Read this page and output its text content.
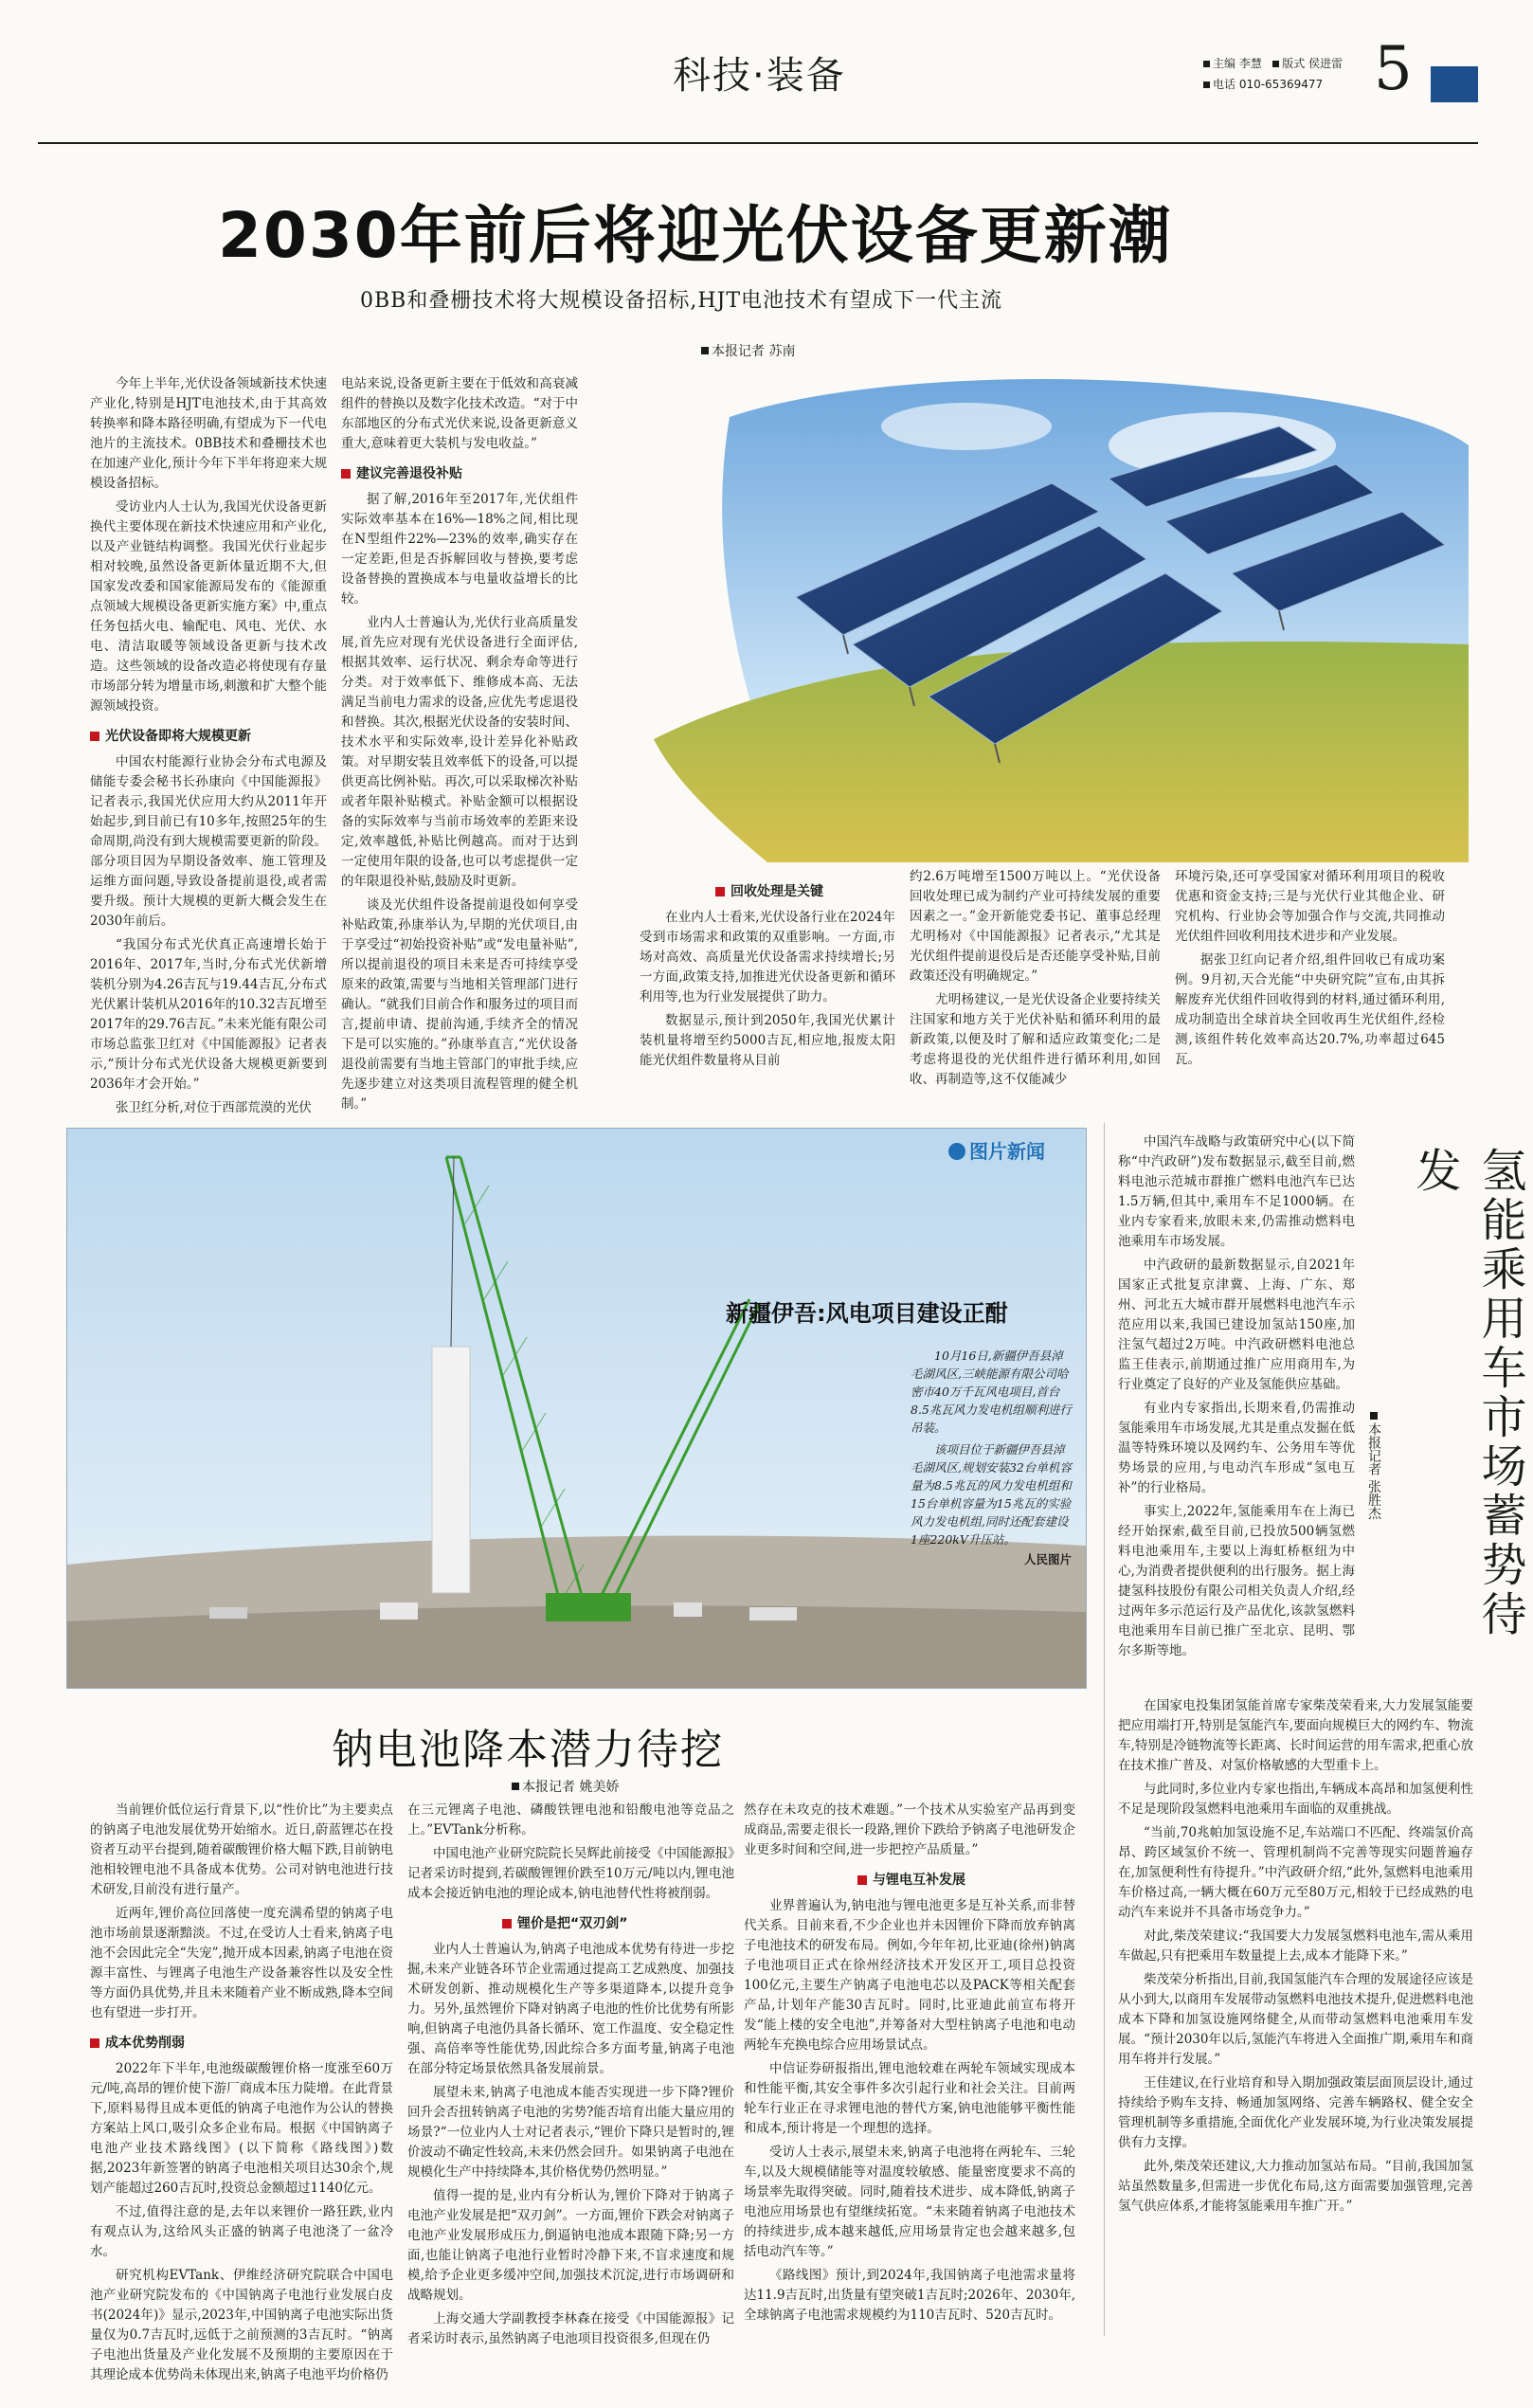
科技·装备	主编 李慧 版式 侯进雷
电话 010-65369477 5
2030年前后将迎光伏设备更新潮
0BB和叠栅技术将大规模设备招标,HJT电池技术有望成下一代主流
本报记者 苏南

今年上半年,光伏设备领域新技术快速产业化,特别是HJT电池技术,由于其高效转换率和降本路径明确,有望成为下一代电池片的主流技术。0BB技术和叠栅技术也在加速产业化,预计今年下半年将迎来大规模设备招标。

受访业内人士认为,我国光伏设备更新换代主要体现在新技术快速应用和产业化,以及产业链结构调整。我国光伏行业起步相对较晚,虽然设备更新体量近期不大,但国家发改委和国家能源局发布的《能源重点领域大规模设备更新实施方案》中,重点任务包括火电、输配电、风电、光伏、水电、清洁取暖等领域设备更新与技术改造。这些领域的设备改造必将使现有存量市场部分转为增量市场,刺激和扩大整个能源领域投资。

光伏设备即将大规模更新

中国农村能源行业协会分布式电源及储能专委会秘书长孙康向《中国能源报》记者表示,我国光伏应用大约从2011年开始起步,到目前已有10多年,按照25年的生命周期,尚没有到大规模需要更新的阶段。部分项目因为早期设备效率、施工管理及运维方面问题,导致设备提前退役,或者需要升级。预计大规模的更新大概会发生在2030年前后。

“我国分布式光伏真正高速增长始于2016年、2017年,当时,分布式光伏新增装机分别为4.26吉瓦与19.44吉瓦,分布式光伏累计装机从2016年的10.32吉瓦增至2017年的29.76吉瓦。”未来光能有限公司市场总监张卫红对《中国能源报》记者表示,“预计分布式光伏设备大规模更新要到2036年才会开始。”

张卫红分析,对位于西部荒漠的光伏

电站来说,设备更新主要在于低效和高衰减组件的替换以及数字化技术改造。“对于中东部地区的分布式光伏来说,设备更新意义重大,意味着更大装机与发电收益。”

建议完善退役补贴

据了解,2016年至2017年,光伏组件实际效率基本在16%—18%之间,相比现在N型组件22%—23%的效率,确实存在一定差距,但是否拆解回收与替换,要考虑设备替换的置换成本与电量收益增长的比较。

业内人士普遍认为,光伏行业高质量发展,首先应对现有光伏设备进行全面评估,根据其效率、运行状况、剩余寿命等进行分类。对于效率低下、维修成本高、无法满足当前电力需求的设备,应优先考虑退役和替换。其次,根据光伏设备的安装时间、技术水平和实际效率,设计差异化补贴政策。对早期安装且效率低下的设备,可以提供更高比例补贴。再次,可以采取梯次补贴或者年限补贴模式。补贴金额可以根据设备的实际效率与当前市场效率的差距来设定,效率越低,补贴比例越高。而对于达到一定使用年限的设备,也可以考虑提供一定的年限退役补贴,鼓励及时更新。

谈及光伏组件设备提前退役如何享受补贴政策,孙康举认为,早期的光伏项目,由于享受过“初始投资补贴”或“发电量补贴”,所以提前退役的项目未来是否可持续享受原来的政策,需要与当地相关管理部门进行确认。“就我们目前合作和服务过的项目而言,提前申请、提前沟通,手续齐全的情况下是可以实施的。”孙康举直言,“光伏设备退役前需要有当地主管部门的审批手续,应先逐步建立对这类项目流程管理的健全机制。”

回收处理是关键

在业内人士看来,光伏设备行业在2024年受到市场需求和政策的双重影响。一方面,市场对高效、高质量光伏设备需求持续增长;另一方面,政策支持,加推进光伏设备更新和循环利用等,也为行业发展提供了助力。

数据显示,预计到2050年,我国光伏累计装机量将增至约5000吉瓦,相应地,报废太阳能光伏组件数量将从目前

约2.6万吨增至1500万吨以上。“光伏设备回收处理已成为制约产业可持续发展的重要因素之一。”金开新能党委书记、董事总经理尤明杨对《中国能源报》记者表示,“尤其是光伏组件提前退役后是否还能享受补贴,目前政策还没有明确规定。”

尤明杨建议,一是光伏设备企业要持续关注国家和地方关于光伏补贴和循环利用的最新政策,以便及时了解和适应政策变化;二是考虑将退役的光伏组件进行循环利用,如回收、再制造等,这不仅能减少

环境污染,还可享受国家对循环利用项目的税收优惠和资金支持;三是与光伏行业其他企业、研究机构、行业协会等加强合作与交流,共同推动光伏组件回收利用技术进步和产业发展。

据张卫红向记者介绍,组件回收已有成功案例。9月初,天合光能“中央研究院”宣布,由其拆解废弃光伏组件回收得到的材料,通过循环利用,成功制造出全球首块全回收再生光伏组件,经检测,该组件转化效率高达20.7%,功率超过645瓦。

图片新闻
新疆伊吾:风电项目建设正酣
10月16日,新疆伊吾县淖毛湖风区,三峡能源有限公司哈密市40万千瓦风电项目,首台8.5兆瓦风力发电机组顺利进行吊装。
该项目位于新疆伊吾县淖毛湖风区,规划安装32台单机容量为8.5兆瓦的风力发电机组和15台单机容量为15兆瓦的实验风力发电机组,同时还配套建设1座220kV升压站。
人民图片
钠电池降本潜力待挖
本报记者 姚美娇

当前锂价低位运行背景下,以“性价比”为主要卖点的钠离子电池发展优势开始缩水。近日,蔚蓝锂芯在投资者互动平台提到,随着碳酸锂价格大幅下跌,目前钠电池相较锂电池不具备成本优势。公司对钠电池进行技术研发,目前没有进行量产。

近两年,锂价高位回落使一度充满希望的钠离子电池市场前景逐渐黯淡。不过,在受访人士看来,钠离子电池不会因此完全“失宠”,抛开成本因素,钠离子电池在资源丰富性、与锂离子电池生产设备兼容性以及安全性等方面仍具优势,并且未来随着产业不断成熟,降本空间也有望进一步打开。

成本优势削弱

2022年下半年,电池级碳酸锂价格一度涨至60万元/吨,高昂的锂价使下游厂商成本压力陡增。在此背景下,原料易得且成本更低的钠离子电池作为公认的替换方案站上风口,吸引众多企业布局。根据《中国钠离子电池产业技术路线图》(以下简称《路线图》)数据,2023年新签署的钠离子电池相关项目达30余个,规划产能超过260吉瓦时,投资总金额超过1140亿元。

不过,值得注意的是,去年以来锂价一路狂跌,业内有观点认为,这给风头正盛的钠离子电池浇了一盆冷水。

研究机构EVTank、伊维经济研究院联合中国电池产业研究院发布的《中国钠离子电池行业发展白皮书(2024年)》显示,2023年,中国钠离子电池实际出货量仅为0.7吉瓦时,远低于之前预测的3吉瓦时。“钠离子电池出货量及产业化发展不及预期的主要原因在于其理论成本优势尚未体现出来,钠离子电池平均价格仍

在三元锂离子电池、磷酸铁锂电池和铅酸电池等竞品之上。”EVTank分析称。

中国电池产业研究院院长吴辉此前接受《中国能源报》记者采访时提到,若碳酸锂锂价跌至10万元/吨以内,锂电池成本会接近钠电池的理论成本,钠电池替代性将被削弱。

锂价是把“双刃剑”

业内人士普遍认为,钠离子电池成本优势有待进一步挖掘,未来产业链各环节企业需通过提高工艺成熟度、加强技术研发创新、推动规模化生产等多渠道降本,以提升竞争力。另外,虽然锂价下降对钠离子电池的性价比优势有所影响,但钠离子电池仍具备长循环、宽工作温度、安全稳定性强、高倍率等性能优势,因此综合多方面考量,钠离子电池在部分特定场景依然具备发展前景。

展望未来,钠离子电池成本能否实现进一步下降?锂价回升会否扭转钠离子电池的劣势?能否培育出能大量应用的场景?“一位业内人士对记者表示,“锂价下降只是暂时的,锂价波动不确定性较高,未来仍然会回升。如果钠离子电池在规模化生产中持续降本,其价格优势仍然明显。”

值得一提的是,业内有分析认为,锂价下降对于钠离子电池产业发展是把“双刃剑”。一方面,锂价下跌会对钠离子电池产业发展形成压力,倒逼钠电池成本跟随下降;另一方面,也能让钠离子电池行业暂时冷静下来,不盲求速度和规模,给予企业更多缓冲空间,加强技术沉淀,进行市场调研和战略规划。

上海交通大学副教授李林森在接受《中国能源报》记者采访时表示,虽然钠离子电池项目投资很多,但现在仍

然存在未攻克的技术难题。”一个技术从实验室产品再到变成商品,需要走很长一段路,锂价下跌给予钠离子电池研发企业更多时间和空间,进一步把控产品质量。”

与锂电互补发展

业界普遍认为,钠电池与锂电池更多是互补关系,而非替代关系。目前来看,不少企业也并未因锂价下降而放弃钠离子电池技术的研发布局。例如,今年年初,比亚迪(徐州)钠离子电池项目正式在徐州经济技术开发区开工,项目总投资100亿元,主要生产钠离子电池电芯以及PACK等相关配套产品,计划年产能30吉瓦时。同时,比亚迪此前宣布将开发“能上楼的安全电池”,并筹备对大型柱钠离子电池和电动两轮车充换电综合应用场景试点。

中信证券研报指出,锂电池较难在两轮车领域实现成本和性能平衡,其安全事件多次引起行业和社会关注。目前两轮车行业正在寻求锂电池的替代方案,钠电池能够平衡性能和成本,预计将是一个理想的选择。

受访人士表示,展望未来,钠离子电池将在两轮车、三轮车,以及大规模储能等对温度较敏感、能量密度要求不高的场景率先取得突破。同时,随着技术进步、成本降低,钠离子电池应用场景也有望继续拓宽。“未来随着钠离子电池技术的持续进步,成本越来越低,应用场景肯定也会越来越多,包括电动汽车等。”

《路线图》预计,到2024年,我国钠离子电池需求量将达11.9吉瓦时,出货量有望突破1吉瓦时;2026年、2030年,全球钠离子电池需求规模约为110吉瓦时、520吉瓦时。

氢能乘用车市场蓄势待发
本报记者 张胜杰

中国汽车战略与政策研究中心(以下简称“中汽政研”)发布数据显示,截至目前,燃料电池示范城市群推广燃料电池汽车已达1.5万辆,但其中,乘用车不足1000辆。在业内专家看来,放眼未来,仍需推动燃料电池乘用车市场发展。

中汽政研的最新数据显示,自2021年国家正式批复京津冀、上海、广东、郑州、河北五大城市群开展燃料电池汽车示范应用以来,我国已建设加氢站150座,加注氢气超过2万吨。中汽政研燃料电池总监王佳表示,前期通过推广应用商用车,为行业奠定了良好的产业及氢能供应基础。

有业内专家指出,长期来看,仍需推动氢能乘用车市场发展,尤其是重点发掘在低温等特殊环境以及网约车、公务用车等优势场景的应用,与电动汽车形成“氢电互补”的行业格局。

事实上,2022年,氢能乘用车在上海已经开始探索,截至目前,已投放500辆氢燃料电池乘用车,主要以上海虹桥枢纽为中心,为消费者提供便利的出行服务。据上海捷氢科技股份有限公司相关负责人介绍,经过两年多示范运行及产品优化,该款氢燃料电池乘用车目前已推广至北京、昆明、鄂尔多斯等地。

在国家电投集团氢能首席专家柴茂荣看来,大力发展氢能要把应用端打开,特别是氢能汽车,要面向规模巨大的网约车、物流车,特别是冷链物流等长距离、长时间运营的用车需求,把重心放在技术推广普及、对氢价格敏感的大型重卡上。

与此同时,多位业内专家也指出,车辆成本高昂和加氢便利性不足是现阶段氢燃料电池乘用车面临的双重挑战。

“当前,70兆帕加氢设施不足,车站端口不匹配、终端氢价高昂、跨区域氢价不统一、管理机制尚不完善等现实问题普遍存在,加氢便利性有待提升。”中汽政研介绍,“此外,氢燃料电池乘用车价格过高,一辆大概在60万元至80万元,相较于已经成熟的电动汽车来说并不具备市场竞争力。”

对此,柴茂荣建议:“我国要大力发展氢燃料电池车,需从乘用车做起,只有把乘用车数量提上去,成本才能降下来。”

柴茂荣分析指出,目前,我国氢能汽车合理的发展途径应该是从小到大,以商用车发展带动氢燃料电池技术提升,促进燃料电池成本下降和加氢设施网络健全,从而带动氢燃料电池乘用车发展。“预计2030年以后,氢能汽车将进入全面推广期,乘用车和商用车将并行发展。”

王佳建议,在行业培育和导入期加强政策层面顶层设计,通过持续给予购车支持、畅通加氢网络、完善车辆路权、健全安全管理机制等多重措施,全面优化产业发展环境,为行业决策发展提供有力支撑。

此外,柴茂荣还建议,大力推动加氢站布局。“目前,我国加氢站虽然数量多,但需进一步优化布局,这方面需要加强管理,完善氢气供应体系,才能将氢能乘用车推广开。”
